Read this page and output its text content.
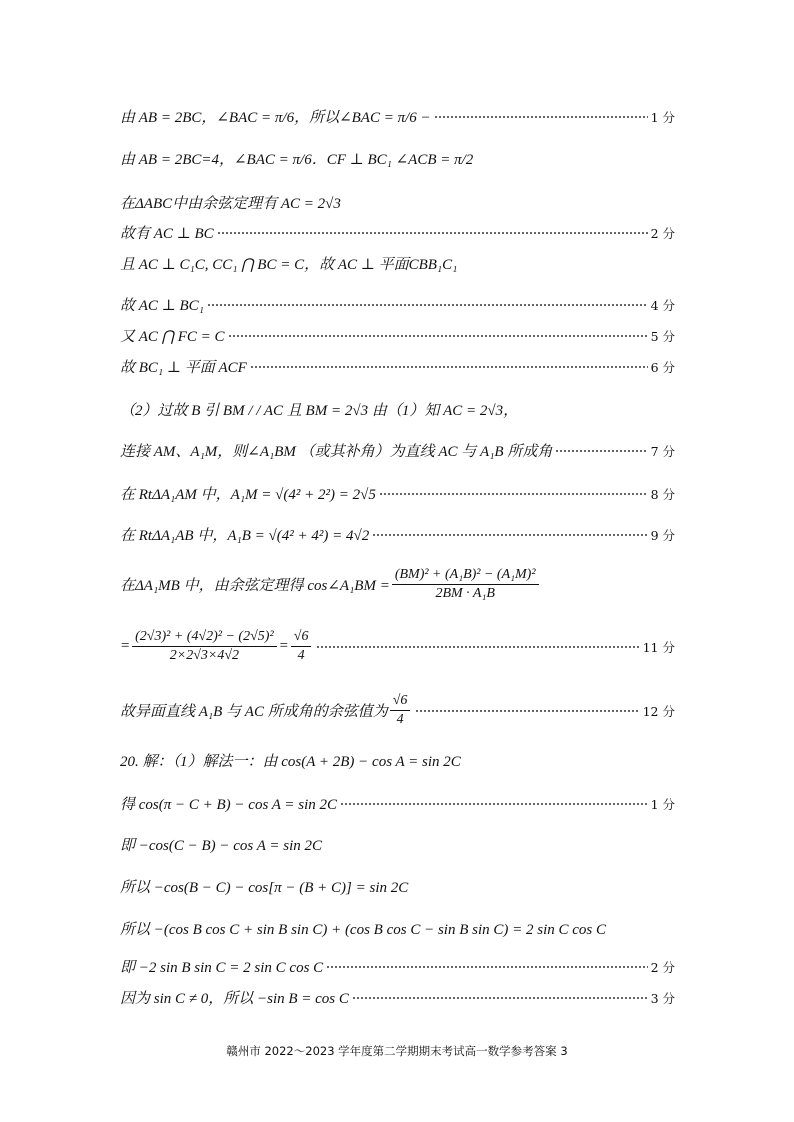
由 AB = 2BC，∠BAC = π/6，所以∠BAC = π/6 −	1 分
由 AB = 2BC=4，∠BAC = π/6．CF ⊥ BC₁ ∠ACB = π/2
在ΔABC中由余弦定理有 AC = 2√3
故有 AC ⊥ BC	2 分
且 AC ⊥ C₁C, CC₁ ⋂ BC = C，故 AC ⊥ 平面CBB₁C₁
故 AC ⊥ BC₁	4 分
又 AC ⋂ FC = C	5 分
故 BC₁ ⊥ 平面 ACF	6 分
（2）过故 B 引 BM / / AC 且 BM = 2√3 由（1）知 AC = 2√3，
连接 AM、A₁M，则∠A₁BM （或其补角）为直线 AC 与 A₁B 所成角	7 分
在 RtΔA₁AM 中，A₁M = √(4² + 2²) = 2√5	8 分
在 RtΔA₁AB 中，A₁B = √(4² + 4²) = 4√2	9 分
在ΔA₁MB 中，由余弦定理得 cos∠A₁BM = $\frac{\text{(BM)² + (A₁B)² − (A₁M)²}}{\text{2BM · A₁B}}$
= $\frac{\text{(2√3)² + (4√2)² − (2√5)²}}{2\times 2√3\times 4√2} = \frac{√6}{4}$	11 分
故异面直线 A₁B 与 AC 所成角的余弦值为 $\frac{√6}{4}$	12 分
20. 解：（1）解法一：由 cos(A + 2B) − cos A = sin 2C
得 cos(π − C + B) − cos A = sin 2C	1 分
即 −cos(C − B) − cos A = sin 2C
所以 −cos(B − C) − cos[π − (B + C)] = sin 2C
所以 −(cos B cos C + sin B sin C) + (cos B cos C − sin B sin C) = 2 sin C cos C
即 −2 sin B sin C = 2 sin C cos C	2 分
因为 sin C ≠ 0，所以 −sin B = cos C	3 分
赣州市 2022～2023 学年度第二学期期末考试高一数学参考答案 3
